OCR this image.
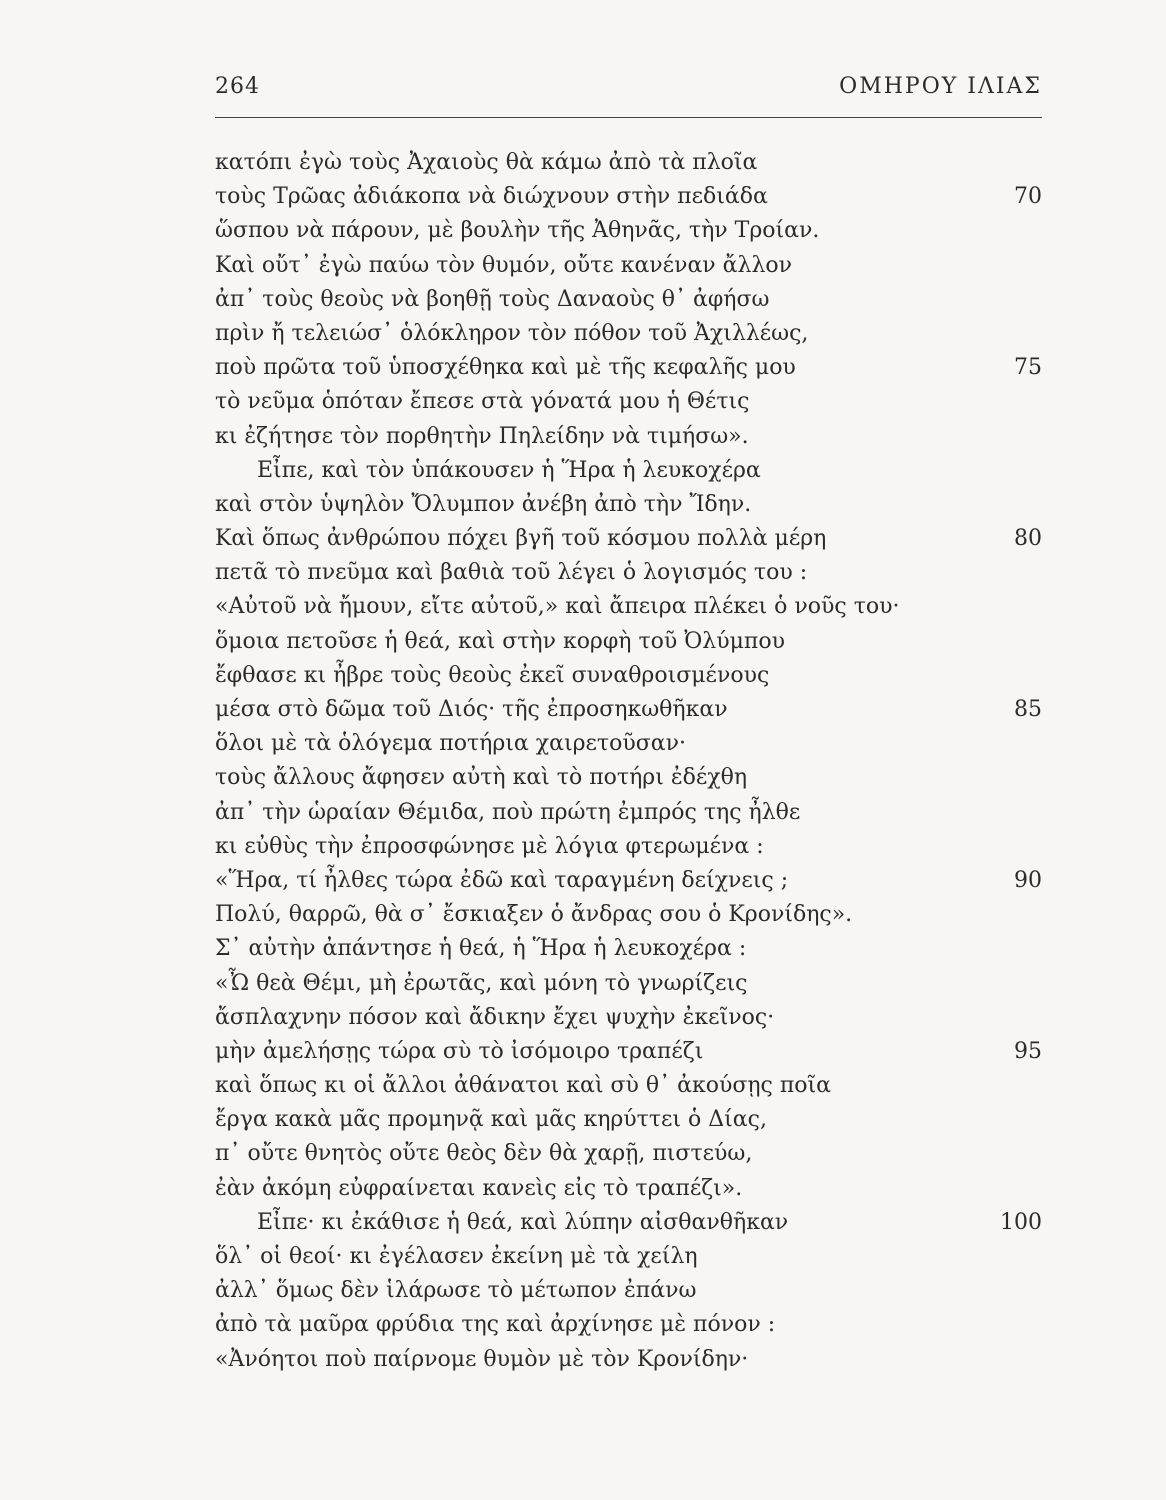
264	ΟΜΗΡΟΥ ΙΛΙΑΣ
κατόπι ἐγὼ τοὺς Ἀχαιοὺς θὰ κάμω ἀπὸ τὰ πλοῖα
τοὺς Τρῶας ἀδιάκοπα νὰ διώχνουν στὴν πεδιάδα	70
ὥσπου νὰ πάρουν, μὲ βουλὴν τῆς Ἀθηνᾶς, τὴν Τροίαν.
Καὶ οὔτ᾽ ἐγὼ παύω τὸν θυμόν, οὔτε κανέναν ἄλλον
ἀπ᾽ τοὺς θεοὺς νὰ βοηθῇ τοὺς Δαναοὺς θ᾽ ἀφήσω
πρὶν ἤ τελειώσ᾽ ὁλόκληρον τὸν πόθον τοῦ Ἀχιλλέως,
ποὺ πρῶτα τοῦ ὑποσχέθηκα καὶ μὲ τῆς κεφαλῆς μου	75
τὸ νεῦμα ὁπόταν ἔπεσε στὰ γόνατά μου ἡ Θέτις
κι ἐζήτησε τὸν πορθητὴν Πηλείδην νὰ τιμήσω».
Εἶπε, καὶ τὸν ὑπάκουσεν ἡ Ἥρα ἡ λευκοχέρα
καὶ στὸν ὑψηλὸν Ὄλυμπον ἀνέβη ἀπὸ τὴν Ἴδην.
Καὶ ὅπως ἀνθρώπου πόχει βγῆ τοῦ κόσμου πολλὰ μέρη	80
πετᾶ τὸ πνεῦμα καὶ βαθιὰ τοῦ λέγει ὁ λογισμός του :
«Αὐτοῦ νὰ ἤμουν, εἴτε αὐτοῦ,» καὶ ἄπειρα πλέκει ὁ νοῦς του·
ὅμοια πετοῦσε ἡ θεά, καὶ στὴν κορφὴ τοῦ Ὀλύμπου
ἔφθασε κι ἦβρε τοὺς θεοὺς ἐκεῖ συναθροισμένους
μέσα στὸ δῶμα τοῦ Διός· τῆς ἐπροσηκωθῆκαν	85
ὅλοι μὲ τὰ ὁλόγεμα ποτήρια χαιρετοῦσαν·
τοὺς ἄλλους ἄφησεν αὐτὴ καὶ τὸ ποτήρι ἐδέχθη
ἀπ᾽ τὴν ὡραίαν Θέμιδα, ποὺ πρώτη ἐμπρός της ἦλθε
κι εὐθὺς τὴν ἐπροσφώνησε μὲ λόγια φτερωμένα :
«Ἥρα, τί ἦλθες τώρα ἐδῶ καὶ ταραγμένη δείχνεις ;	90
Πολύ, θαρρῶ, θὰ σ᾽ ἔσκιαξεν ὁ ἄνδρας σου ὁ Κρονίδης».
Σ᾽ αὐτὴν ἀπάντησε ἡ θεά, ἡ Ἥρα ἡ λευκοχέρα :
«Ὦ θεὰ Θέμι, μὴ ἐρωτᾶς, καὶ μόνη τὸ γνωρίζεις
ἄσπλαχνην πόσον καὶ ἄδικην ἔχει ψυχὴν ἐκεῖνος·
μὴν ἀμελήσῃς τώρα σὺ τὸ ἰσόμοιρο τραπέζι	95
καὶ ὅπως κι οἱ ἄλλοι ἀθάνατοι καὶ σὺ θ᾽ ἀκούσῃς ποῖα
ἔργα κακὰ μᾶς προμηνᾷ καὶ μᾶς κηρύττει ὁ Δίας,
π᾽ οὔτε θνητὸς οὔτε θεὸς δὲν θὰ χαρῇ, πιστεύω,
ἐὰν ἀκόμη εὐφραίνεται κανεὶς εἰς τὸ τραπέζι».
Εἶπε· κι ἐκάθισε ἡ θεά, καὶ λύπην αἰσθανθῆκαν	100
ὅλ᾽ οἱ θεοί· κι ἐγέλασεν ἐκείνη μὲ τὰ χείλη
ἀλλ᾽ ὅμως δὲν ἱλάρωσε τὸ μέτωπον ἐπάνω
ἀπὸ τὰ μαῦρα φρύδια της καὶ ἀρχίνησε μὲ πόνον :
«Ἀνόητοι ποὺ παίρνομε θυμὸν μὲ τὸν Κρονίδην·
